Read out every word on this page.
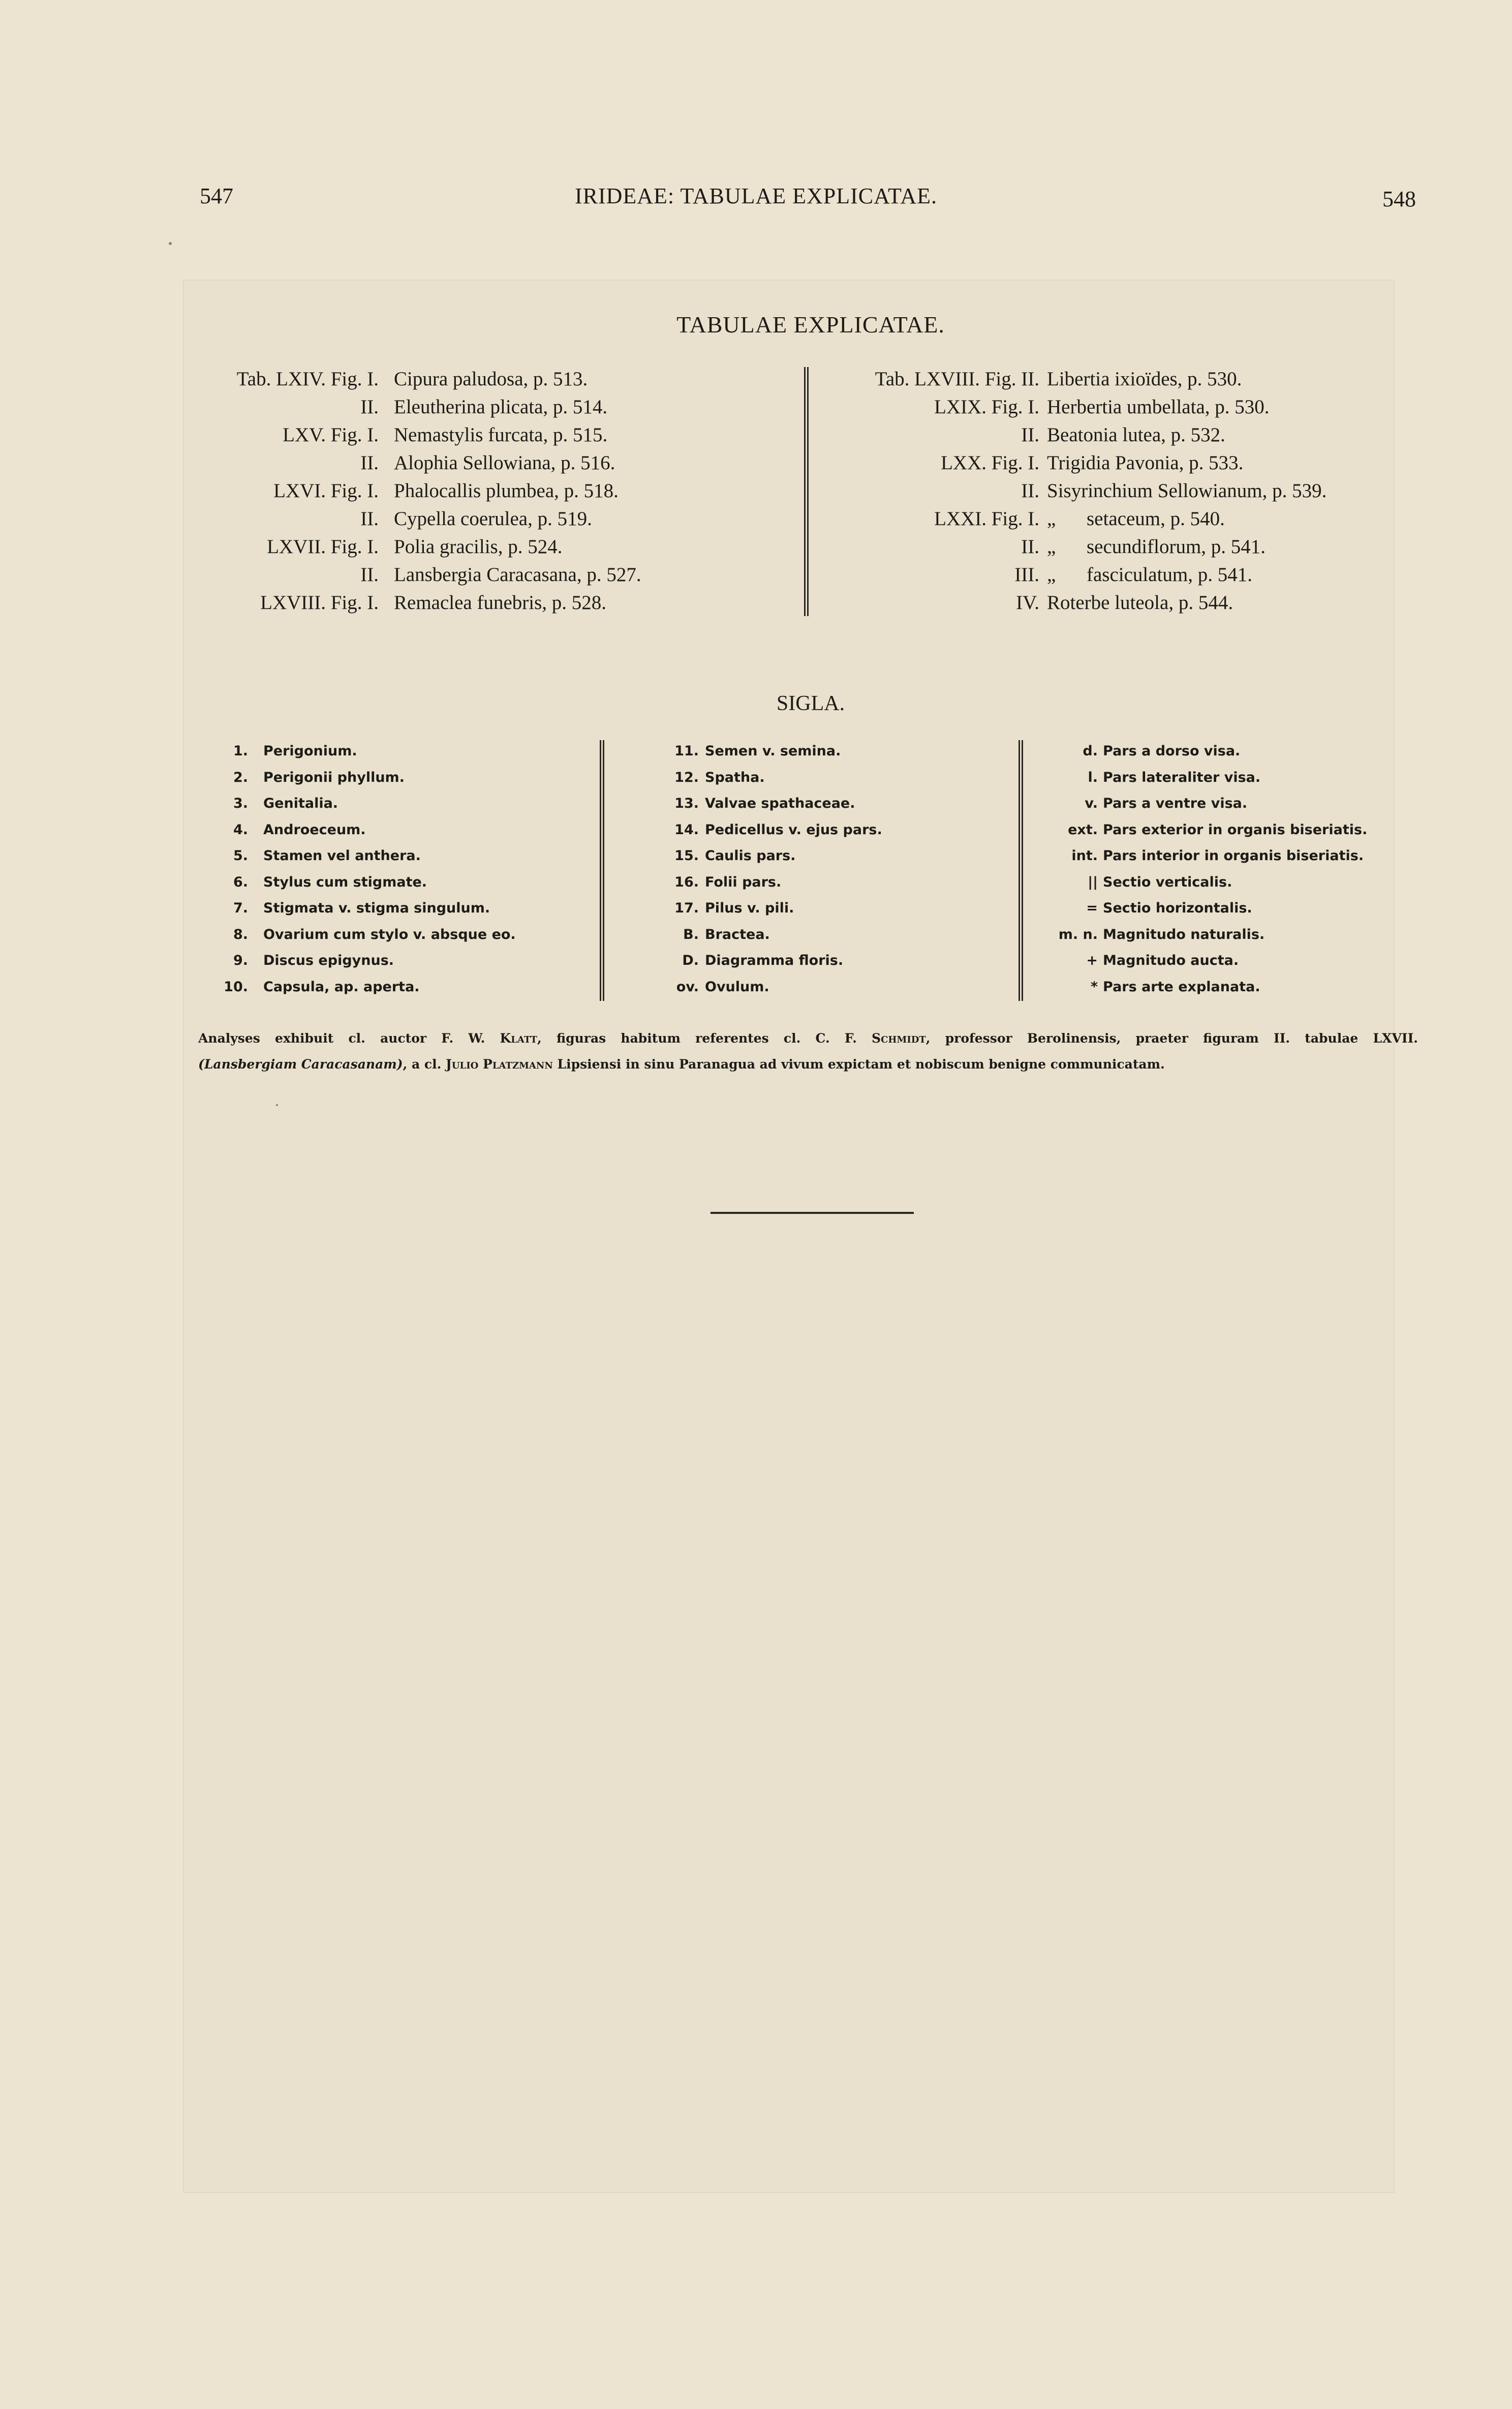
547	IRIDEAE: TABULAE EXPLICATAE.	548
TABULAE EXPLICATAE.
Tab. LXIV. Fig. I. Cipura paludosa, p. 513.
II. Eleutherina plicata, p. 514.
LXV. Fig. I. Nemastylis furcata, p. 515.
II. Alophia Sellowiana, p. 516.
LXVI. Fig. I. Phalocallis plumbea, p. 518.
II. Cypella coerulea, p. 519.
LXVII. Fig. I. Polia gracilis, p. 524.
II. Lansbergia Caracasana, p. 527.
LXVIII. Fig. I. Remaclea funebris, p. 528.
Tab. LXVIII. Fig. II. Libertia ixioïdes, p. 530.
LXIX. Fig. I. Herbertia umbellata, p. 530.
II. Beatonia lutea, p. 532.
LXX. Fig. I. Trigidia Pavonia, p. 533.
II. Sisyrinchium Sellowianum, p. 539.
LXXI. Fig. I. „ setaceum, p. 540.
II. „ secundiflorum, p. 541.
III. „ fasciculatum, p. 541.
IV. Roterbe luteola, p. 544.
SIGLA.
1. Perigonium.
2. Perigonii phyllum.
3. Genitalia.
4. Androeceum.
5. Stamen vel anthera.
6. Stylus cum stigmate.
7. Stigmata v. stigma singulum.
8. Ovarium cum stylo v. absque eo.
9. Discus epigynus.
10. Capsula, ap. aperta.
11. Semen v. semina.
12. Spatha.
13. Valvae spathaceae.
14. Pedicellus v. ejus pars.
15. Caulis pars.
16. Folii pars.
17. Pilus v. pili.
B. Bractea.
D. Diagramma floris.
ov. Ovulum.
d. Pars a dorso visa.
l. Pars lateraliter visa.
v. Pars a ventre visa.
ext. Pars exterior in organis biseriatis.
int. Pars interior in organis biseriatis.
|| Sectio verticalis.
= Sectio horizontalis.
m. n. Magnitudo naturalis.
+ Magnitudo aucta.
* Pars arte explanata.
Analyses exhibuit cl. auctor F. W. Klatt, figuras habitum referentes cl. C. F. Schmidt, professor Berolinensis, praeter figuram II. tabulae LXVII.
(Lansbergiam Caracasanam), a cl. Julio Platzmann Lipsiensi in sinu Paranagua ad vivum expictam et nobiscum benigne communicatam.
